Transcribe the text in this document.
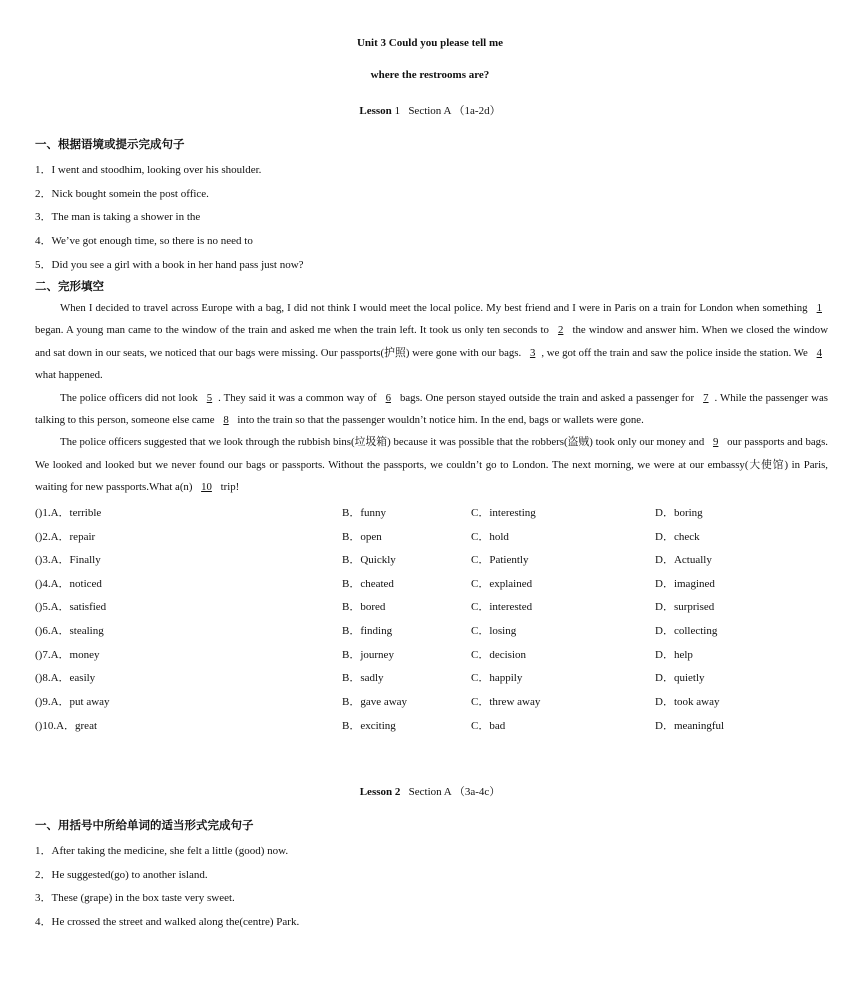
Unit 3 Could you please tell me
where the restrooms are?
Lesson 1 Section A （1a-2d）
一、根据语境或提示完成句子
1．I went and stoodhim, looking over his shoulder.
2．Nick bought somein the post office.
3．The man is taking a shower in the
4．We’ve got enough time, so there is no need to
5．Did you see a girl with a book in her hand pass just now?
二、完形填空

When I decided to travel across Europe with a bag, I did not think I would meet the local police. My best friend and I were in Paris on a train for London when something 1 began. A young man came to the window of the train and asked me when the train left. It took us only ten seconds to 2 the window and answer him. When we closed the window and sat down in our seats, we noticed that our bags were missing. Our passports(护照) were gone with our bags. 3 , we got off the train and saw the police inside the station. We 4 what happened.

The police officers did not look 5 . They said it was a common way of 6 bags. One person stayed outside the train and asked a passenger for 7 . While the passenger was talking to this person, someone else came 8 into the train so that the passenger wouldn’t notice him. In the end, bags or wallets were gone.

The police officers suggested that we look through the rubbish bins(垃圾箱) because it was possible that the robbers(盗贼) took only our money and 9 our passports and bags. We looked and looked but we never found our bags or passports. Without the passports, we couldn’t go to London. The next morning, we were at our embassy(大使馆) in Paris, waiting for new passports.What a(n) 10 trip!

()1.A．terrible	B．funny	C．interesting	D．boring
()2.A．repair	B．open	C．hold	D．check
()3.A．Finally	B．Quickly	C．Patiently	D．Actually
()4.A．noticed	B．cheated	C．explained	D．imagined
()5.A．satisfied	B．bored	C．interested	D．surprised
()6.A．stealing	B．finding	C．losing	D．collecting
()7.A．money	B．journey	C．decision	D．help
()8.A．easily	B．sadly	C．happily	D．quietly
()9.A．put away	B．gave away	C．threw away	D．took away
()10.A．great	B．exciting	C．bad	D．meaningful
Lesson 2 Section A （3a-4c）
一、用括号中所给单词的适当形式完成句子
1．After taking the medicine, she felt a little (good) now.
2．He suggested(go) to another island.
3．These (grape) in the box taste very sweet.
4．He crossed the street and walked along the(centre) Park.
